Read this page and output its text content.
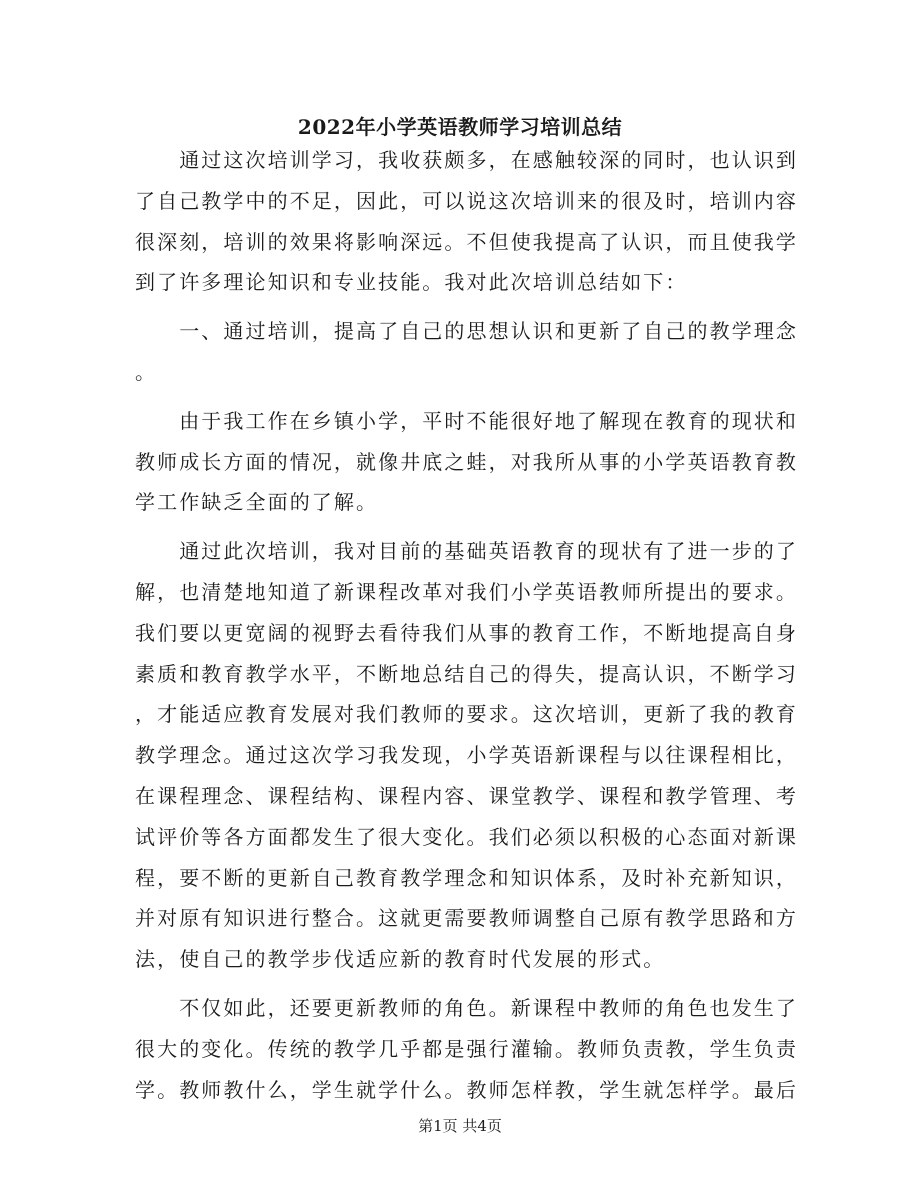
2022年小学英语教师学习培训总结
　　通过这次培训学习，我收获颇多，在感触较深的同时，也认识到
了自己教学中的不足，因此，可以说这次培训来的很及时，培训内容
很深刻，培训的效果将影响深远。不但使我提高了认识，而且使我学
到了许多理论知识和专业技能。我对此次培训总结如下：
　　一、通过培训，提高了自己的思想认识和更新了自己的教学理念
。
　　由于我工作在乡镇小学，平时不能很好地了解现在教育的现状和
教师成长方面的情况，就像井底之蛙，对我所从事的小学英语教育教
学工作缺乏全面的了解。
　　通过此次培训，我对目前的基础英语教育的现状有了进一步的了
解，也清楚地知道了新课程改革对我们小学英语教师所提出的要求。
我们要以更宽阔的视野去看待我们从事的教育工作，不断地提高自身
素质和教育教学水平，不断地总结自己的得失，提高认识，不断学习
，才能适应教育发展对我们教师的要求。这次培训，更新了我的教育
教学理念。通过这次学习我发现，小学英语新课程与以往课程相比，
在课程理念、课程结构、课程内容、课堂教学、课程和教学管理、考
试评价等各方面都发生了很大变化。我们必须以积极的心态面对新课
程，要不断的更新自己教育教学理念和知识体系，及时补充新知识，
并对原有知识进行整合。这就更需要教师调整自己原有教学思路和方
法，使自己的教学步伐适应新的教育时代发展的形式。
　　不仅如此，还要更新教师的角色。新课程中教师的角色也发生了
很大的变化。传统的教学几乎都是强行灌输。教师负责教，学生负责
学。教师教什么，学生就学什么。教师怎样教，学生就怎样学。最后
第1页 共4页
